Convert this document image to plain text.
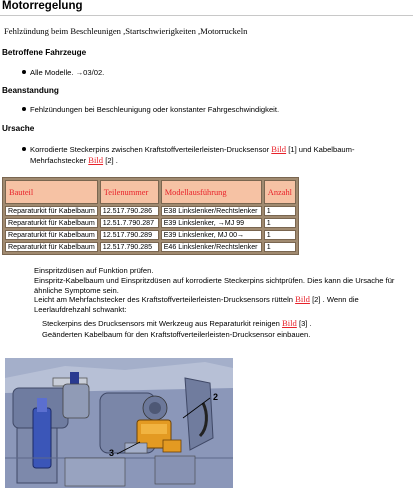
Motorregelung
Fehlzündung beim Beschleunigen ,Startschwierigkeiten ,Motorruckeln
Betroffene Fahrzeuge
Alle Modelle. →03/02.
Beanstandung
Fehlzündungen bei Beschleunigung oder konstanter Fahrgeschwindigkeit.
Ursache
Korrodierte Steckerpins zwischen Kraftstoffverteilerleisten-Drucksensor Bild [1] und Kabelbaum-
Mehrfachstecker Bild [2] .
Bauteil	Teilenummer	Modellausführung	Anzahl
Reparaturkit für Kabelbaum	12.517.790.286	E38 Linkslenker/Rechtslenker	1
Reparaturkit für Kabelbaum	12.51.7.790.287	E39 Linkslenker, →MJ 99	1
Reparaturkit für Kabelbaum	12.517.790.289	E39 Linkslenker, MJ 00→	1
Reparaturkit für Kabelbaum	12.517.790.285	E46 Linkslenker/Rechtslenker	1
Einspritzdüsen auf Funktion prüfen.
Einspritz-Kabelbaum und Einspritzdüsen auf korrodierte Steckerpins sichtprüfen. Dies kann die Ursache für
ähnliche Symptome sein.
Leicht am Mehrfachstecker des Kraftstoffverteilerleisten-Drucksensors rütteln Bild [2] . Wenn die
Leerlaufdrehzahl schwankt:
Steckerpins des Drucksensors mit Werkzeug aus Reparaturkit reinigen Bild [3] .
Geänderten Kabelbaum für den Kraftstoffverteilerleisten-Drucksensor einbauen.
2
3
